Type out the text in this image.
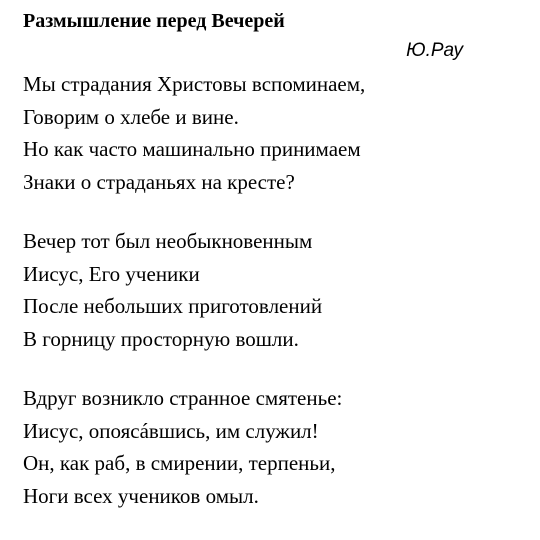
Размышление перед Вечерей
Ю.Рау
Мы страдания Христовы вспоминаем,
Говорим о хлебе и вине.
Но как часто машинально принимаем
Знаки о страданьях на кресте?
Вечер тот был необыкновенным
Иисус, Его ученики
После небольших приготовлений
В горницу просторную вошли.
Вдруг возникло странное смятенье:
Иисус, опоясáвшись, им служил!
Он, как раб, в смирении, терпеньи,
Ноги всех учеников омыл.
